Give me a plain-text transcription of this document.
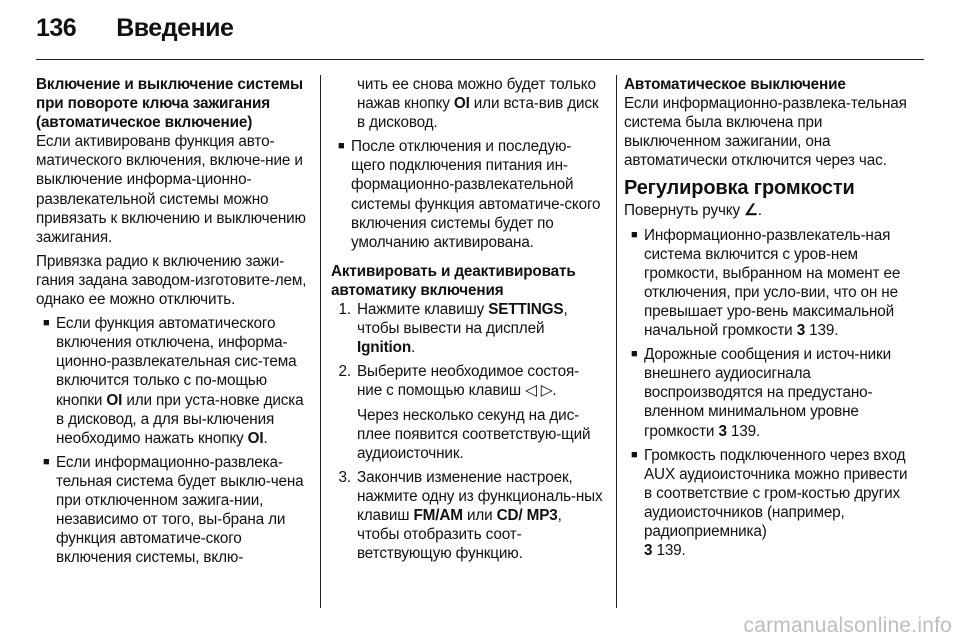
136 Введение
Включение и выключение системы при повороте ключа зажигания (автоматическое включение)

Если активированв функция авто-матического включения, включе-ние и выключение информа-ционно-развлекательной системы можно привязать к включению и выключению зажигания.

Привязка радио к включению зажи-гания задана заводом-изготовите-лем, однако ее можно отключить.

■ Если функция автоматического включения отключена, информа-ционно-развлекательная сис-тема включится только с по-мощью кнопки OI или при уста-новке диска в дисковод, а для вы-ключения необходимо нажать кнопку OI.
■ Если информационно-развлека-тельная система будет выклю-чена при отключенном зажига-нии, независимо от того, вы-брана ли функция автоматиче-ского включения системы, вклю-

чить ее снова можно будет только нажав кнопку OI или вста-вив диск в дисковод.

■ После отключения и последую-щего подключения питания ин-формационно-развлекательной системы функция автоматиче-ского включения системы будет по умолчанию активирована.
Активировать и деактивировать автоматику включения
1. Нажмите клавишу SETTINGS, чтобы вывести на дисплей Ignition.
2. Выберите необходимое состоя-ние с помощью клавиш ◁ ▷.

Через несколько секунд на дис-плее появится соответствую-щий аудиоисточник.

3. Закончив изменение настроек, нажмите одну из функциональ-ных клавиш FM/AM или CD/ MP3, чтобы отобразить соот-ветствующую функцию.
Автоматическое выключение

Если информационно-развлека-тельная система была включена при выключенном зажигании, она автоматически отключится через час.

Регулировка громкости

Повернуть ручку ∠.

■ Информационно-развлекатель-ная система включится с уров-нем громкости, выбранном на момент ее отключения, при усло-вии, что он не превышает уро-вень максимальной начальной громкости 3 139.
■ Дорожные сообщения и источ-ники внешнего аудиосигнала воспроизводятся на предустано-вленном минимальном уровне громкости 3 139.
■ Громкость подключенного через вход AUX аудиоисточника можно привести в соответствие с гром-костью других аудиоисточников (например, радиоприемника)
3 139.
carmanualsonline.info
